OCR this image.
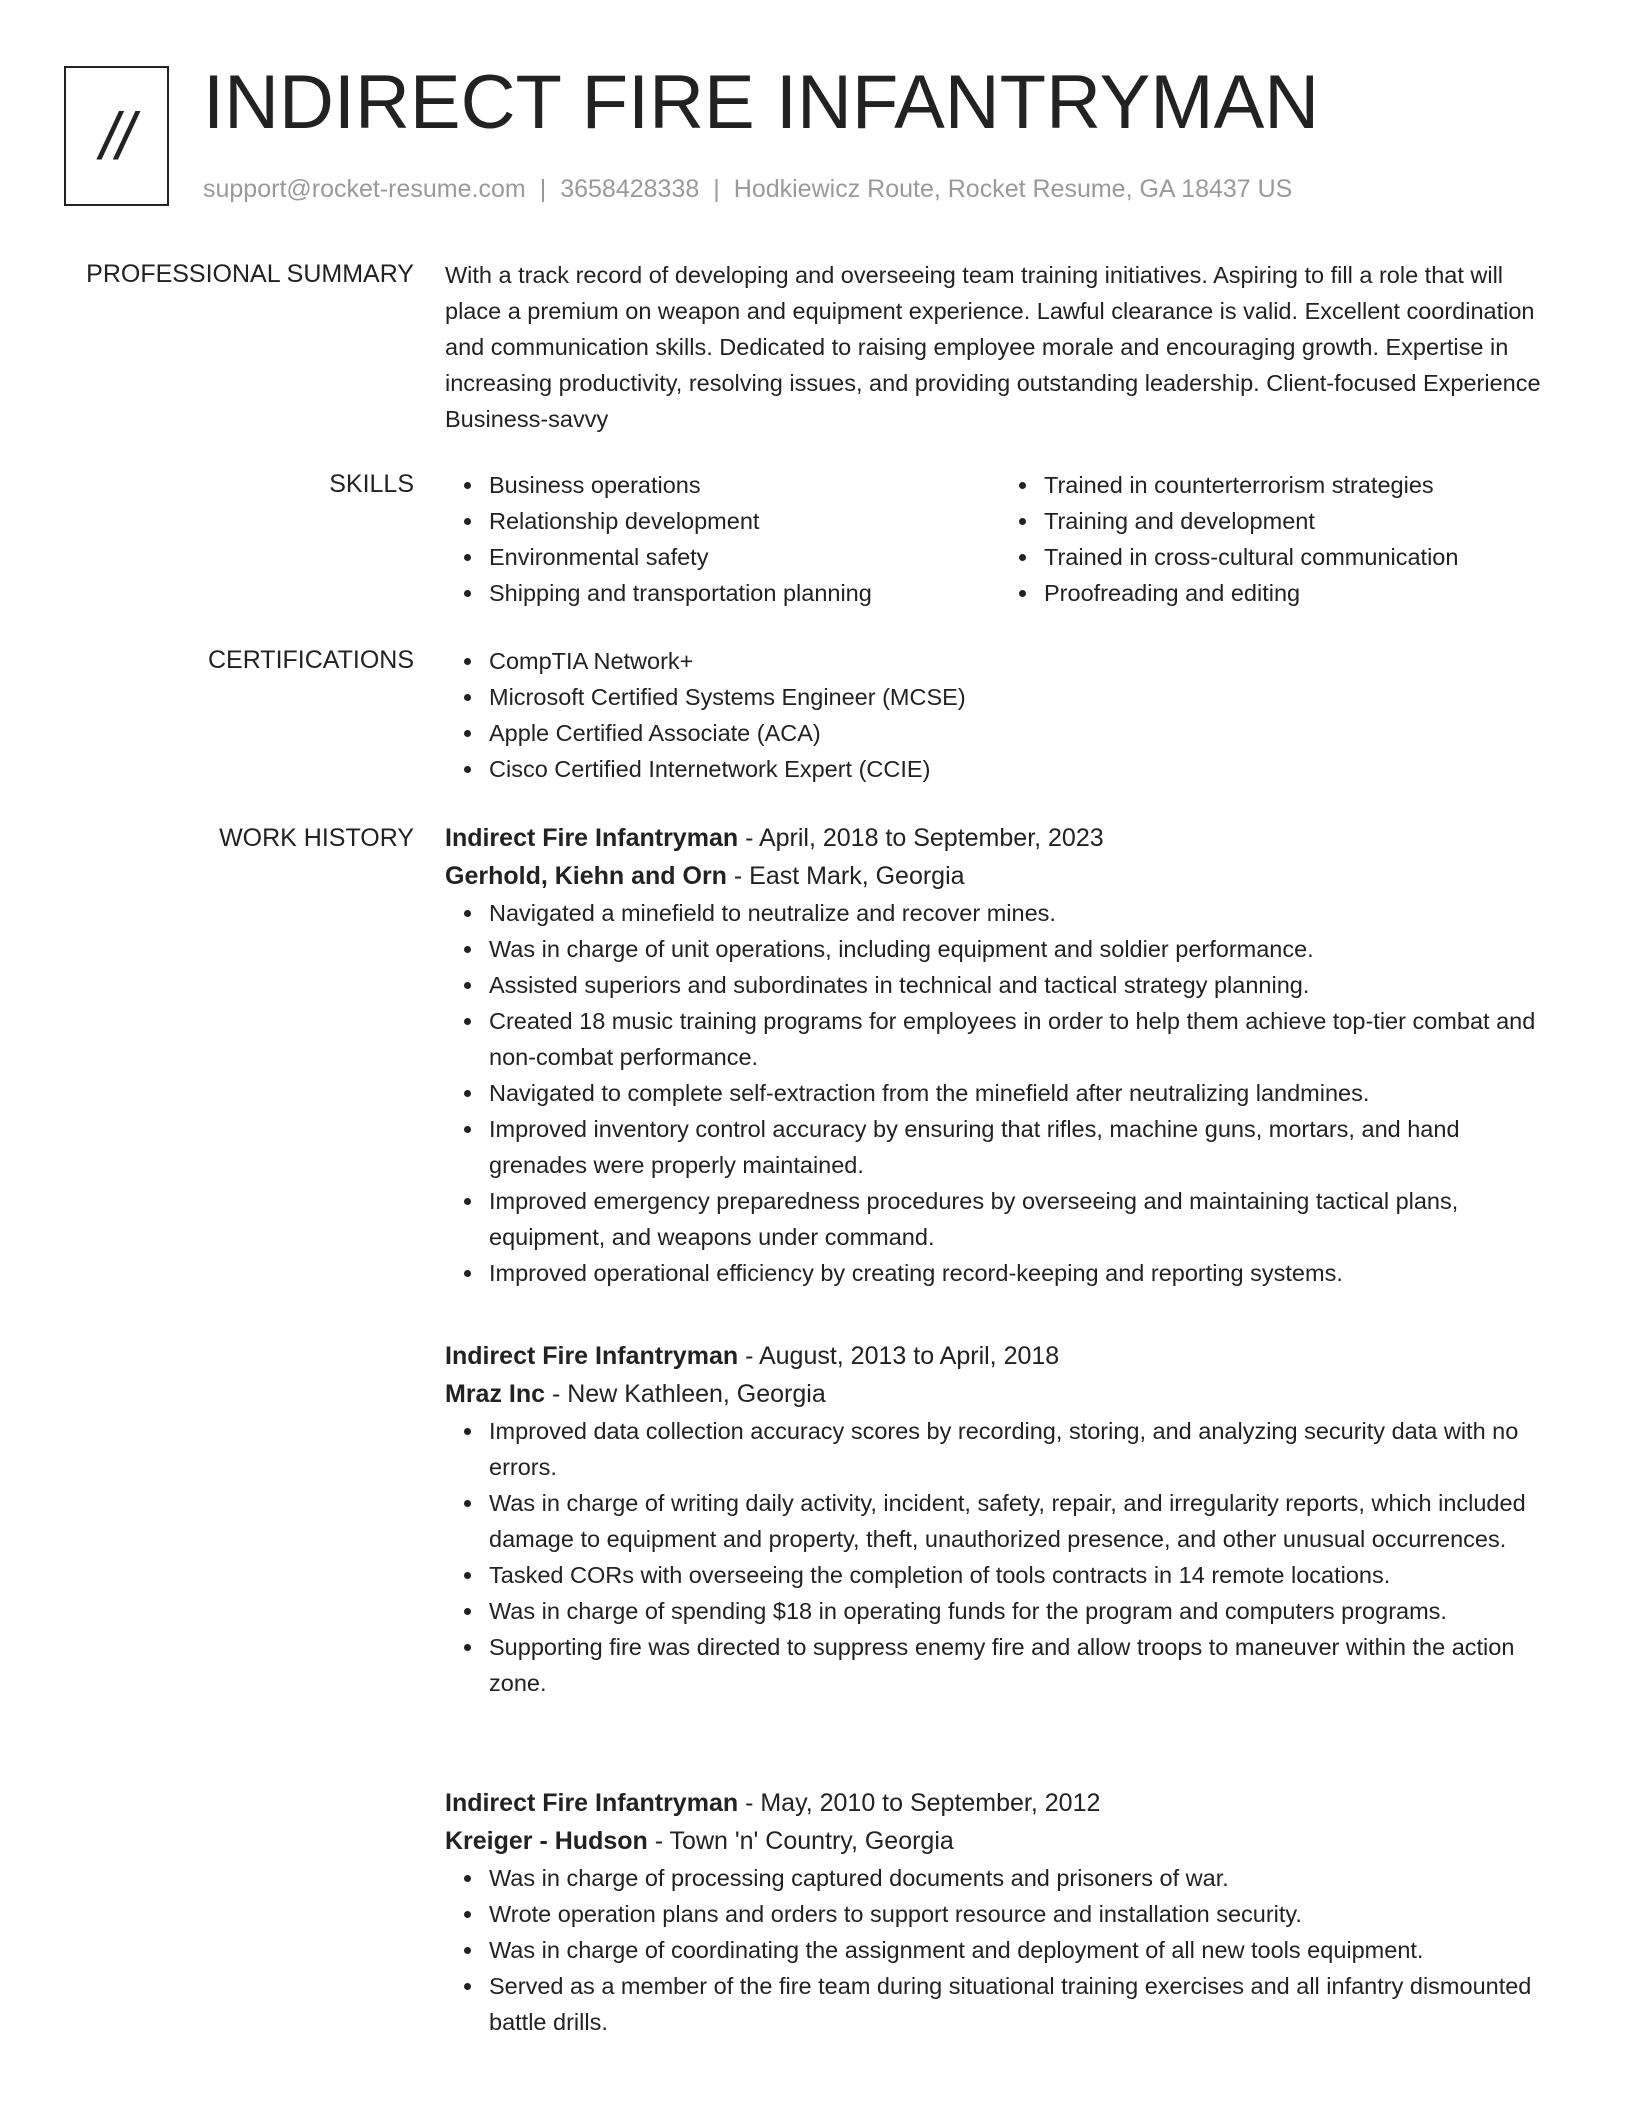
// INDIRECT FIRE INFANTRYMAN
support@rocket-resume.com | 3658428338 | Hodkiewicz Route, Rocket Resume, GA 18437 US
PROFESSIONAL SUMMARY With a track record of developing and overseeing team training initiatives. Aspiring to fill a role that will place a premium on weapon and equipment experience. Lawful clearance is valid. Excellent coordination and communication skills. Dedicated to raising employee morale and encouraging growth. Expertise in increasing productivity, resolving issues, and providing outstanding leadership. Client-focused Experience Business-savvy
SKILLS	Business operations
Relationship development
Environmental safety
Shipping and transportation planning
Trained in counterterrorism strategies
Training and development
Trained in cross-cultural communication
Proofreading and editing
CERTIFICATIONS	CompTIA Network+
Microsoft Certified Systems Engineer (MCSE)
Apple Certified Associate (ACA)
Cisco Certified Internetwork Expert (CCIE)
WORK HISTORY Indirect Fire Infantryman - April, 2018 to September, 2023
Gerhold, Kiehn and Orn - East Mark, Georgia
Navigated a minefield to neutralize and recover mines.
Was in charge of unit operations, including equipment and soldier performance.
Assisted superiors and subordinates in technical and tactical strategy planning.
Created 18 music training programs for employees in order to help them achieve top-tier combat and non-combat performance.
Navigated to complete self-extraction from the minefield after neutralizing landmines.
Improved inventory control accuracy by ensuring that rifles, machine guns, mortars, and hand grenades were properly maintained.
Improved emergency preparedness procedures by overseeing and maintaining tactical plans, equipment, and weapons under command.
Improved operational efficiency by creating record-keeping and reporting systems.
Indirect Fire Infantryman - August, 2013 to April, 2018
Mraz Inc - New Kathleen, Georgia
Improved data collection accuracy scores by recording, storing, and analyzing security data with no errors.
Was in charge of writing daily activity, incident, safety, repair, and irregularity reports, which included damage to equipment and property, theft, unauthorized presence, and other unusual occurrences.
Tasked CORs with overseeing the completion of tools contracts in 14 remote locations.
Was in charge of spending $18 in operating funds for the program and computers programs.
Supporting fire was directed to suppress enemy fire and allow troops to maneuver within the action zone.
Indirect Fire Infantryman - May, 2010 to September, 2012
Kreiger - Hudson - Town 'n' Country, Georgia
Was in charge of processing captured documents and prisoners of war.
Wrote operation plans and orders to support resource and installation security.
Was in charge of coordinating the assignment and deployment of all new tools equipment.
Served as a member of the fire team during situational training exercises and all infantry dismounted battle drills.
